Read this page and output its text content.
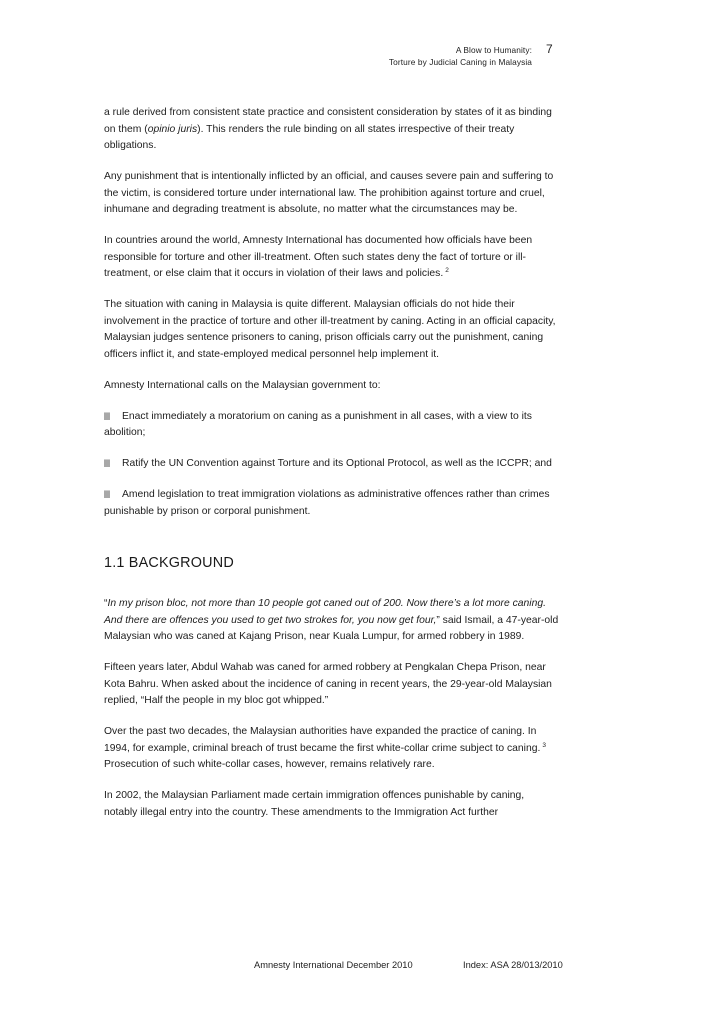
A Blow to Humanity:
Torture by Judicial Caning in Malaysia
7

a rule derived from consistent state practice and consistent consideration by states of it as binding on them (opinio juris). This renders the rule binding on all states irrespective of their treaty obligations.

Any punishment that is intentionally inflicted by an official, and causes severe pain and suffering to the victim, is considered torture under international law. The prohibition against torture and cruel, inhumane and degrading treatment is absolute, no matter what the circumstances may be.

In countries around the world, Amnesty International has documented how officials have been responsible for torture and other ill-treatment. Often such states deny the fact of torture or ill-treatment, or else claim that it occurs in violation of their laws and policies. $^2$

The situation with caning in Malaysia is quite different. Malaysian officials do not hide their involvement in the practice of torture and other ill-treatment by caning. Acting in an official capacity, Malaysian judges sentence prisoners to caning, prison officials carry out the punishment, caning officers inflict it, and state-employed medical personnel help implement it.

Amnesty International calls on the Malaysian government to:

Enact immediately a moratorium on caning as a punishment in all cases, with a view to its abolition;

Ratify the UN Convention against Torture and its Optional Protocol, as well as the ICCPR; and

Amend legislation to treat immigration violations as administrative offences rather than crimes punishable by prison or corporal punishment.

1.1 BACKGROUND

“In my prison bloc, not more than 10 people got caned out of 200. Now there’s a lot more caning. And there are offences you used to get two strokes for, you now get four,” said Ismail, a 47-year-old Malaysian who was caned at Kajang Prison, near Kuala Lumpur, for armed robbery in 1989.

Fifteen years later, Abdul Wahab was caned for armed robbery at Pengkalan Chepa Prison, near Kota Bahru. When asked about the incidence of caning in recent years, the 29-year-old Malaysian replied, “Half the people in my bloc got whipped.”

Over the past two decades, the Malaysian authorities have expanded the practice of caning. In 1994, for example, criminal breach of trust became the first white-collar crime subject to caning. $^3$ Prosecution of such white-collar cases, however, remains relatively rare.

In 2002, the Malaysian Parliament made certain immigration offences punishable by caning, notably illegal entry into the country. These amendments to the Immigration Act further

Amnesty International December 2010	Index: ASA 28/013/2010
